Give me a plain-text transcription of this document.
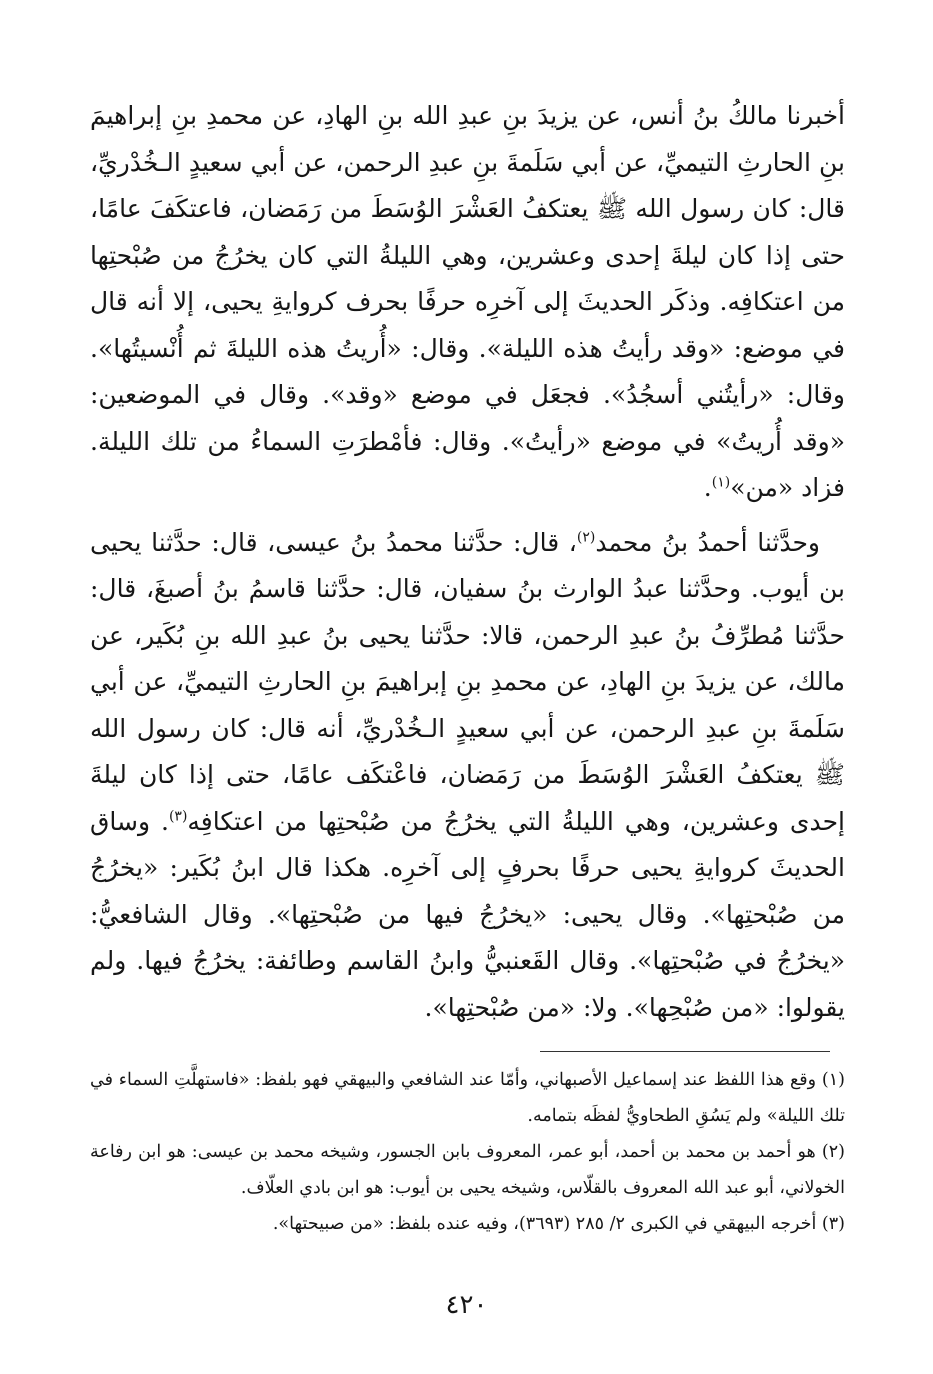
أخبرنا مالكُ بنُ أنس، عن يزيدَ بنِ عبدِ الله بنِ الهادِ، عن محمدِ بنِ إبراهيمَ بنِ الحارثِ التيميِّ، عن أبي سَلَمةَ بنِ عبدِ الرحمن، عن أبي سعيدٍ الـخُدْريِّ، قال: كان رسول الله ﷺ يعتكفُ العَشْرَ الوُسَطَ من رَمَضان، فاعتكَفَ عامًا، حتى إذا كان ليلةَ إحدى وعشرين، وهي الليلةُ التي كان يخرُجُ من صُبْحتِها من اعتكافِه. وذكَر الحديثَ إلى آخرِه حرفًا بحرف كروايةِ يحيى، إلا أنه قال في موضع: «وقد رأيتُ هذه الليلة». وقال: «أُريتُ هذه الليلةَ ثم أُنْسيتُها». وقال: «رأيتُني أسجُدُ». فجعَل في موضع «وقد». وقال في الموضعين: «وقد أُريتُ» في موضع «رأيتُ». وقال: فأمْطرَتِ السماءُ من تلك الليلة. فزاد «من»$^{(١)}$.

 وحدَّثنا أحمدُ بنُ محمد$^{(٢)}$، قال: حدَّثنا محمدُ بنُ عيسى، قال: حدَّثنا يحيى بن أيوب. وحدَّثنا عبدُ الوارث بنُ سفيان، قال: حدَّثنا قاسمُ بنُ أصبغَ، قال: حدَّثنا مُطرِّفُ بنُ عبدِ الرحمن، قالا: حدَّثنا يحيى بنُ عبدِ الله بنِ بُكَير، عن مالك، عن يزيدَ بنِ الهادِ، عن محمدِ بنِ إبراهيمَ بنِ الحارثِ التيميِّ، عن أبي سَلَمةَ بنِ عبدِ الرحمن، عن أبي سعيدٍ الـخُدْريِّ، أنه قال: كان رسول الله ﷺ يعتكفُ العَشْرَ الوُسَطَ من رَمَضان، فاعْتكَف عامًا، حتى إذا كان ليلةَ إحدى وعشرين، وهي الليلةُ التي يخرُجُ من صُبْحتِها من اعتكافِه$^{(٣)}$. وساق الحديثَ كروايةِ يحيى حرفًا بحرفٍ إلى آخرِه. هكذا قال ابنُ بُكَير: «يخرُجُ من صُبْحتِها». وقال يحيى: «يخرُجُ فيها من صُبْحتِها». وقال الشافعيُّ: «يخرُجُ في صُبْحتِها». وقال القَعنبيُّ وابنُ القاسم وطائفة: يخرُجُ فيها. ولم يقولوا: «من صُبْحِها». ولا: «من صُبْحتِها».

(١) وقع هذا اللفظ عند إسماعيل الأصبهاني، وأمّا عند الشافعي والبيهقي فهو بلفظ: «فاستهلَّتِ السماء في تلك الليلة» ولم يَسُقِ الطحاويُّ لفظَه بتمامه.

(٢) هو أحمد بن محمد بن أحمد، أبو عمر، المعروف بابن الجسور، وشيخه محمد بن عيسى: هو ابن رفاعة الخولاني، أبو عبد الله المعروف بالقلّاس، وشيخه يحيى بن أيوب: هو ابن بادي العلّاف.

(٣) أخرجه البيهقي في الكبرى ٢/ ٢٨٥ (٣٦٩٣)، وفيه عنده بلفظ: «من صبيحتها».

٤٢٠
